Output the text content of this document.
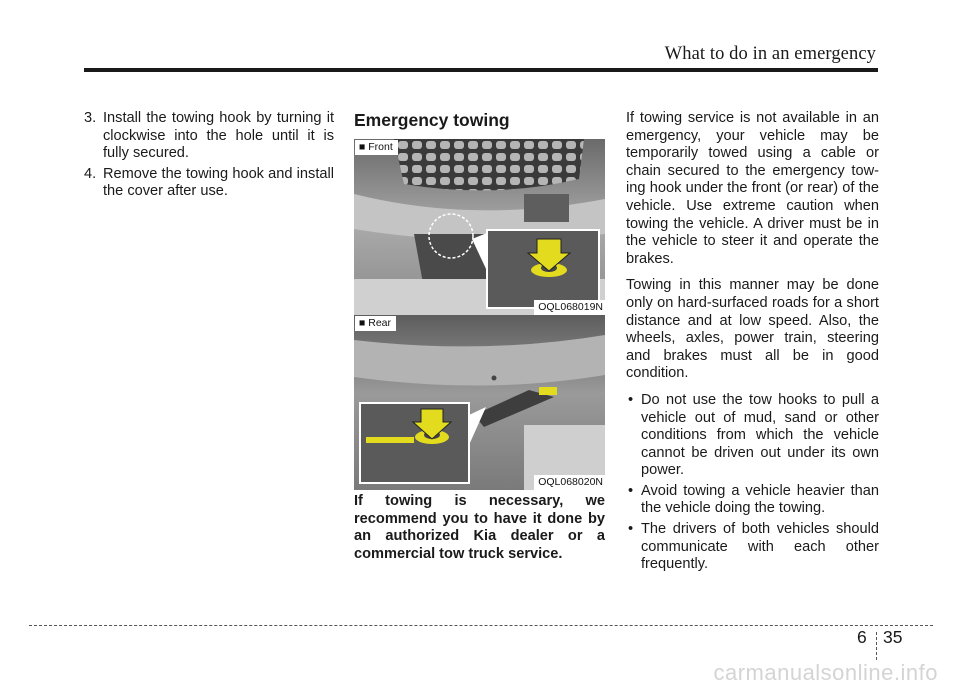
What to do in an emergency
3. Install the towing hook by turning it clockwise into the hole until it is fully secured.
4. Remove the towing hook and install the cover after use.
Emergency towing
■ Front
OQL068019N
■ Rear
OQL068020N

If towing is necessary, we recommend you to have it done by an authorized Kia dealer or a commercial tow truck service.

If towing service is not available in an emergency, your vehicle may be temporarily towed using a cable or chain secured to the emergency tow-ing hook under the front (or rear) of the vehicle. Use extreme caution when towing the vehicle. A driver must be in the vehicle to steer it and operate the brakes.

Towing in this manner may be done only on hard-surfaced roads for a short distance and at low speed. Also, the wheels, axles, power train, steering and brakes must all be in good condition.

• Do not use the tow hooks to pull a vehicle out of mud, sand or other conditions from which the vehicle cannot be driven out under its own power.
• Avoid towing a vehicle heavier than the vehicle doing the towing.
• The drivers of both vehicles should communicate with each other frequently.
6 35
carmanualsonline.info
